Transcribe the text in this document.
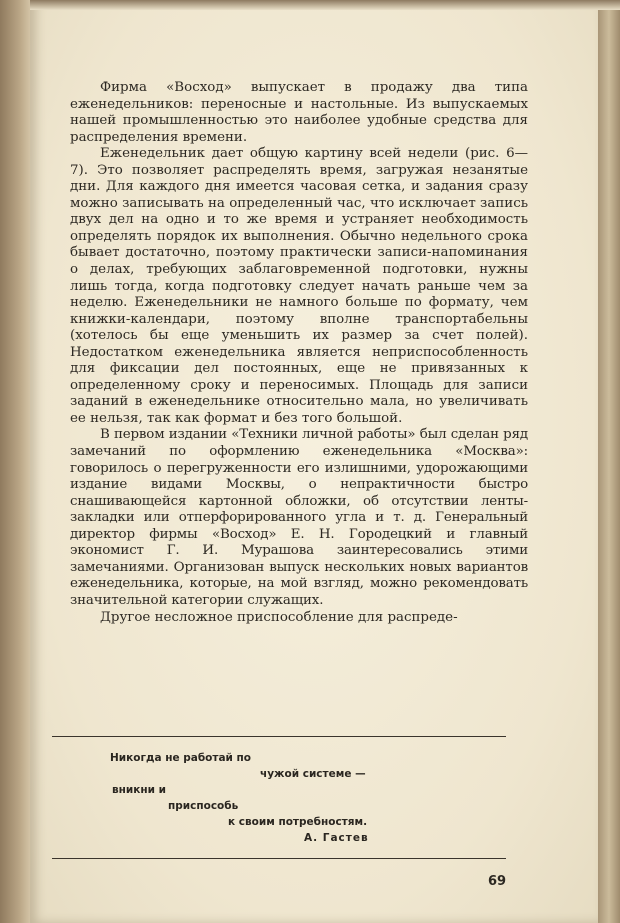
Фирма «Восход» выпускает в продажу два типа еженедельников: переносные и настольные. Из выпускаемых нашей промышленностью это наиболее удобные средства для распределения времени.

Еженедельник дает общую картину всей недели (рис. 6—7). Это позволяет распределять время, загружая незанятые дни. Для каждого дня имеется часовая сетка, и задания сразу можно записывать на определенный час, что исключает запись двух дел на одно и то же время и устраняет необходимость определять порядок их выполнения. Обычно недельного срока бывает достаточно, поэтому практически записи-напоминания о делах, требующих заблаговременной подготовки, нужны лишь тогда, когда подготовку следует начать раньше чем за неделю. Еженедельники не намного больше по формату, чем книжки-календари, поэтому вполне транспортабельны (хотелось бы еще уменьшить их размер за счет полей). Недостатком еженедельника является неприспособленность для фиксации дел постоянных, еще не привязанных к определенному сроку и переносимых. Площадь для записи заданий в еженедельнике относительно мала, но увеличивать ее нельзя, так как формат и без того большой.

В первом издании «Техники личной работы» был сделан ряд замечаний по оформлению еженедельника «Москва»: говорилось о перегруженности его излишними, удорожающими издание видами Москвы, о непрактичности быстро снашивающейся картонной обложки, об отсутствии ленты-закладки или отперфорированного угла и т. д. Генеральный директор фирмы «Восход» Е. Н. Городецкий и главный экономист Г. И. Мурашова заинтересовались этими замечаниями. Организован выпуск нескольких новых вариантов еженедельника, которые, на мой взгляд, можно рекомендовать значительной категории служащих.

Другое несложное приспособление для распреде-

Никогда не работай по
чужой системе —
вникни и
приспособь
к своим потребностям.
А. Гастев
69
